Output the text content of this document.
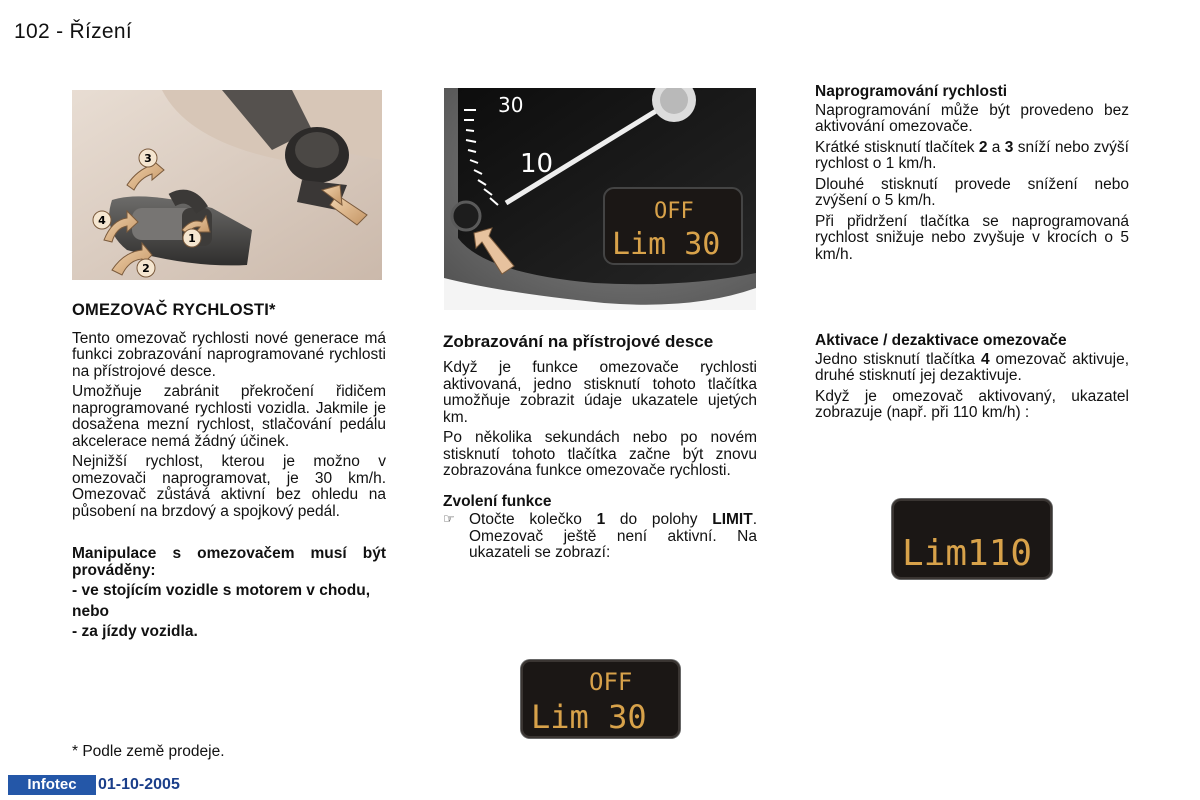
102 - Řízení
3
4
1
2
30
10
OFF
Lim 30
OMEZOVAČ RYCHLOSTI*

Tento omezovač rychlosti nové generace má funkci zobrazování naprogramované rychlosti na přístrojové desce.

Umožňuje zabránit překročení řidičem naprogramované rychlosti vozidla. Jakmile je dosažena mezní rychlost, stlačování pedálu akcelerace nemá žádný účinek.

Nejnižší rychlost, kterou je možno v omezovači naprogramovat, je 30 km/h. Omezovač zůstává aktivní bez ohledu na působení na brzdový a spojkový pedál.

Manipulace s omezovačem musí být prováděny:

- ve stojícím vozidle s motorem v chodu,

nebo

- za jízdy vozidla.

* Podle země prodeje.
Zobrazování na přístrojové desce

Když je funkce omezovače rychlosti aktivovaná, jedno stisknutí tohoto tlačítka umožňuje zobrazit údaje ukazatele ujetých km.

Po několika sekundách nebo po novém stisknutí tohoto tlačítka začne být znovu zobrazována funkce omezovače rychlosti.

Zvolení funkce

☞ Otočte kolečko 1 do polohy LIMIT. Omezovač ještě není aktivní. Na ukazateli se zobrazí:

OFF
Lim 30

Naprogramování rychlosti

Naprogramování může být provedeno bez aktivování omezovače.

Krátké stisknutí tlačítek 2 a 3 sníží nebo zvýší rychlost o 1 km/h.

Dlouhé stisknutí provede snížení nebo zvýšení o 5 km/h.

Při přidržení tlačítka se naprogramovaná rychlost snižuje nebo zvyšuje v krocích o 5 km/h.

Aktivace / dezaktivace omezovače

Jedno stisknutí tlačítka 4 omezovač aktivuje, druhé stisknutí jej dezaktivuje.

Když je omezovač aktivovaný, ukazatel zobrazuje (např. při 110 km/h) :

Lim110
Infotec	01-10-2005
